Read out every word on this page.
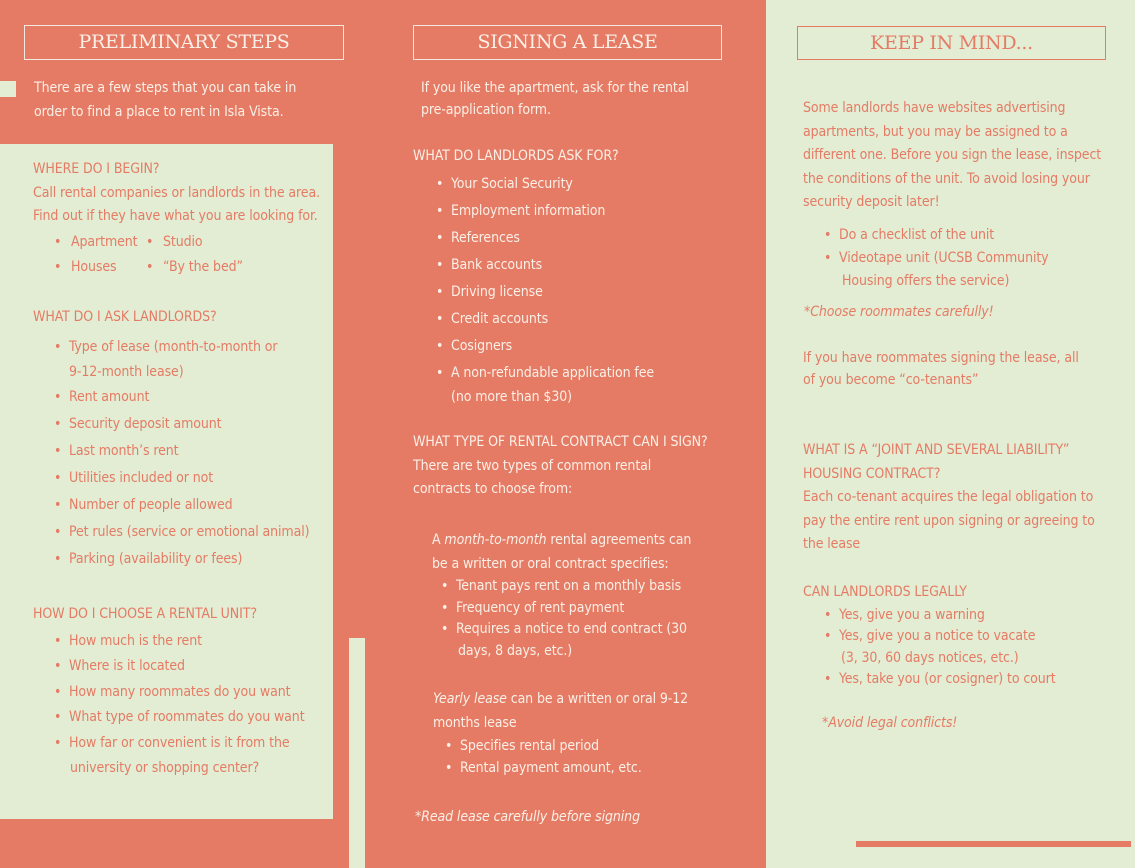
PRELIMINARY STEPS
There are a few steps that you can take in
order to find a place to rent in Isla Vista.
WHERE DO I BEGIN?
Call rental companies or landlords in the area.
Find out if they have what you are looking for.
• Apartment • Studio
• Houses • “By the bed”
WHAT DO I ASK LANDLORDS?
• Type of lease (month-to-month or
9-12-month lease)
• Rent amount
• Security deposit amount
• Last month’s rent
• Utilities included or not
• Number of people allowed
• Pet rules (service or emotional animal)
• Parking (availability or fees)
HOW DO I CHOOSE A RENTAL UNIT?
• How much is the rent
• Where is it located
• How many roommates do you want
• What type of roommates do you want
• How far or convenient is it from the
university or shopping center?
SIGNING A LEASE
If you like the apartment, ask for the rental
pre-application form.
WHAT DO LANDLORDS ASK FOR?
• Your Social Security
• Employment information
• References
• Bank accounts
• Driving license
• Credit accounts
• Cosigners
• A non-refundable application fee
(no more than $30)
WHAT TYPE OF RENTAL CONTRACT CAN I SIGN?
There are two types of common rental
contracts to choose from:
A month-to-month rental agreements can
be a written or oral contract specifies:
• Tenant pays rent on a monthly basis
• Frequency of rent payment
• Requires a notice to end contract (30
days, 8 days, etc.)
Yearly lease can be a written or oral 9-12
months lease
• Specifies rental period
• Rental payment amount, etc.
*Read lease carefully before signing
KEEP IN MIND...
Some landlords have websites advertising
apartments, but you may be assigned to a
different one. Before you sign the lease, inspect
the conditions of the unit. To avoid losing your
security deposit later!
• Do a checklist of the unit
• Videotape unit (UCSB Community
Housing offers the service)
*Choose roommates carefully!
If you have roommates signing the lease, all
of you become “co-tenants”
WHAT IS A “JOINT AND SEVERAL LIABILITY”
HOUSING CONTRACT?
Each co-tenant acquires the legal obligation to
pay the entire rent upon signing or agreeing to
the lease
CAN LANDLORDS LEGALLY
• Yes, give you a warning
• Yes, give you a notice to vacate
(3, 30, 60 days notices, etc.)
• Yes, take you (or cosigner) to court
*Avoid legal conflicts!
